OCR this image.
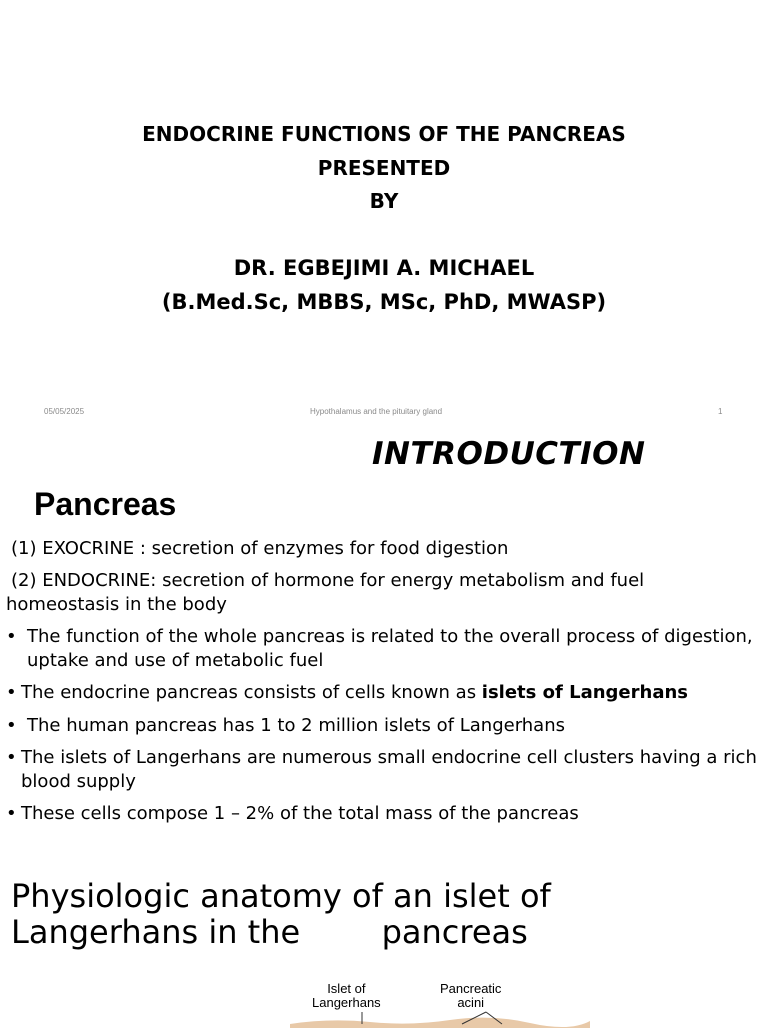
ENDOCRINE FUNCTIONS OF THE PANCREAS
PRESENTED
BY
DR. EGBEJIMI A. MICHAEL
(B.Med.Sc, MBBS, MSc, PhD, MWASP)
05/05/2025	Hypothalamus and the pituitary gland	1
INTRODUCTION
Pancreas
(1) EXOCRINE : secretion of enzymes for food digestion
(2) ENDOCRINE: secretion of hormone for energy metabolism and fuel
homeostasis in the body
• The function of the whole pancreas is related to the overall process of digestion, uptake and use of metabolic fuel
• The endocrine pancreas consists of cells known as islets of Langerhans
• The human pancreas has 1 to 2 million islets of Langerhans
• The islets of Langerhans are numerous small endocrine cell clusters having a rich blood supply
• These cells compose 1 – 2% of the total mass of the pancreas
Physiologic anatomy of an islet of
Langerhans in the        pancreas
Islet of
Langerhans
Pancreatic
acini
